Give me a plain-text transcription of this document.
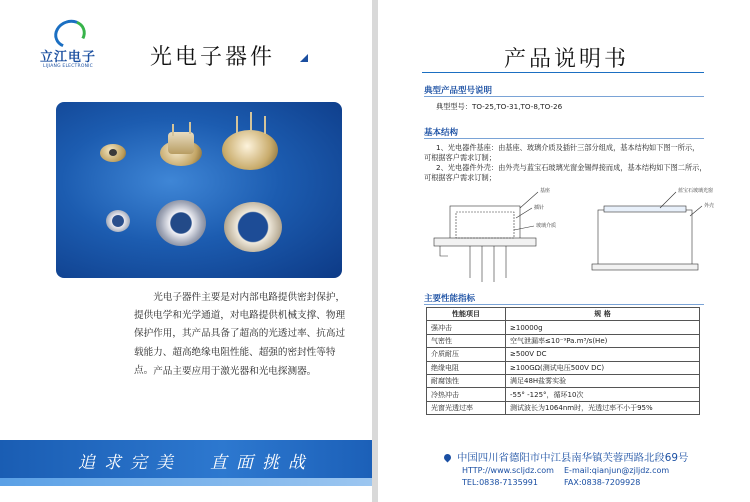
立江电子
LIJIANG ELECTRONIC	光电子器件

光电子器件主要是对内部电路提供密封保护，提供电学和光学通道，对电路提供机械支撑、物理保护作用，其产品具备了超高的光透过率、抗高过载能力、超高绝缘电阻性能、超强的密封性等特点。 产品主要应用于激光器和光电探测器。

追求完美 直面挑战
产品说明书
典型产品型号说明

典型型号：TO-25,TO-31,TO-8,TO-26

基本结构

1、光电器件基座：由基座、玻璃介质及插针三部分组成，基本结构如下图一所示，

可根据客户需求订制；

2、光电器件外壳：由外壳与蓝宝石玻璃光窗金锡焊接而成，基本结构如下图二所示，

可根据客户需求订制；

基座
插针
玻璃介质
蓝宝石玻璃光窗
外壳
主要性能指标
性能项目	规 格
强冲击	≥10000g
气密性	空气泄漏率≤10⁻⁹Pa.m³/s(He)
介质耐压	≥500V DC
绝缘电阻	≥100GΩ(测试电压500V DC)
耐腐蚀性	满足48H盐雾实验
冷热冲击	-55° -125°，循环10次
光窗光透过率	测试波长为1064nm时，光透过率不小于95%
中国四川省德阳市中江县南华镇芙蓉西路北段69号
HTTP://www.scljdz.com E-mail:qianjun@zjljdz.com
TEL:0838-7135991	FAX:0838-7209928
